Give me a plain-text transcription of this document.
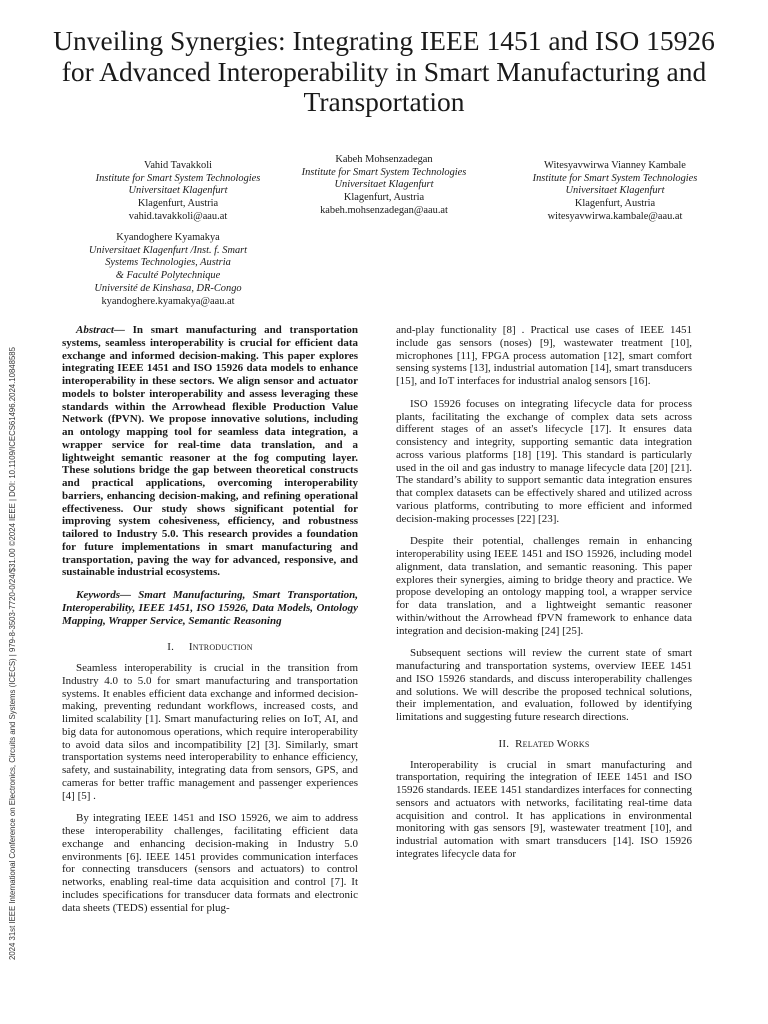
Unveiling Synergies: Integrating IEEE 1451 and ISO 15926 for Advanced Interoperability in Smart Manufacturing and Transportation
2024 31st IEEE International Conference on Electronics, Circuits and Systems (ICECS) | 979-8-3503-7720-0/24/$31.00 ©2024 IEEE | DOI: 10.1109/ICECS61496.2024.10848585
Vahid Tavakkoli
Institute for Smart System Technologies
Universitaet Klagenfurt
Klagenfurt, Austria
vahid.tavakkoli@aau.at
Kabeh Mohsenzadegan
Institute for Smart System Technologies
Universitaet Klagenfurt
Klagenfurt, Austria
kabeh.mohsenzadegan@aau.at
Witesyavwirwa Vianney Kambale
Institute for Smart System Technologies
Universitaet Klagenfurt
Klagenfurt, Austria
witesyavwirwa.kambale@aau.at
Kyandoghere Kyamakya
Universitaet Klagenfurt /Inst. f. Smart
Systems Technologies, Austria
& Faculté Polytechnique
Université de Kinshasa, DR-Congo
kyandoghere.kyamakya@aau.at

Abstract— In smart manufacturing and transportation systems, seamless interoperability is crucial for efficient data exchange and informed decision-making. This paper explores integrating IEEE 1451 and ISO 15926 data models to enhance interoperability in these sectors. We align sensor and actuator models to bolster interoperability and assess leveraging these standards within the Arrowhead flexible Production Value Network (fPVN). We propose innovative solutions, including an ontology mapping tool for seamless data integration, a wrapper service for real-time data translation, and a lightweight semantic reasoner at the fog computing layer. These solutions bridge the gap between theoretical constructs and practical applications, overcoming interoperability barriers, enhancing decision-making, and refining operational effectiveness. Our study shows significant potential for improving system cohesiveness, efficiency, and robustness tailored to Industry 5.0. This research provides a foundation for future implementations in smart manufacturing and transportation, paving the way for advanced, responsive, and sustainable industrial ecosystems.

Keywords— Smart Manufacturing, Smart Transportation, Interoperability, IEEE 1451, ISO 15926, Data Models, Ontology Mapping, Wrapper Service, Semantic Reasoning

I. Introduction

Seamless interoperability is crucial in the transition from Industry 4.0 to 5.0 for smart manufacturing and transportation systems. It enables efficient data exchange and informed decision-making, preventing redundant workflows, increased costs, and limited scalability [1]. Smart manufacturing relies on IoT, AI, and big data for autonomous operations, which require interoperability to avoid data silos and incompatibility [2] [3]. Similarly, smart transportation systems need interoperability to enhance efficiency, safety, and sustainability, integrating data from sensors, GPS, and cameras for better traffic management and passenger experiences [4] [5] .

By integrating IEEE 1451 and ISO 15926, we aim to address these interoperability challenges, facilitating efficient data exchange and enhancing decision-making in Industry 5.0 environments [6]. IEEE 1451 provides communication interfaces for connecting transducers (sensors and actuators) to control networks, enabling real-time data acquisition and control [7]. It includes specifications for transducer data formats and electronic data sheets (TEDS) essential for plug-

and-play functionality [8] . Practical use cases of IEEE 1451 include gas sensors (noses) [9], wastewater treatment [10], microphones [11], FPGA process automation [12], smart comfort sensing systems [13], industrial automation [14], smart transducers [15], and IoT interfaces for industrial analog sensors [16].

ISO 15926 focuses on integrating lifecycle data for process plants, facilitating the exchange of complex data sets across different stages of an asset's lifecycle [17]. It ensures data consistency and integrity, supporting semantic data integration across various platforms [18] [19]. This standard is particularly used in the oil and gas industry to manage lifecycle data [20] [21]. The standard’s ability to support semantic data integration ensures that complex datasets can be effectively shared and utilized across various platforms, contributing to more efficient and informed decision-making processes [22] [23].

Despite their potential, challenges remain in enhancing interoperability using IEEE 1451 and ISO 15926, including model alignment, data translation, and semantic reasoning. This paper explores their synergies, aiming to bridge theory and practice. We propose developing an ontology mapping tool, a wrapper service for data translation, and a lightweight semantic reasoner within/without the Arrowhead fPVN framework to enhance data integration and decision-making [24] [25].

Subsequent sections will review the current state of smart manufacturing and transportation systems, overview IEEE 1451 and ISO 15926 standards, and discuss interoperability challenges and solutions. We will describe the proposed technical solutions, their implementation, and evaluation, followed by identifying limitations and suggesting future research directions.

II. Related Works

Interoperability is crucial in smart manufacturing and transportation, requiring the integration of IEEE 1451 and ISO 15926 standards. IEEE 1451 standardizes interfaces for connecting sensors and actuators with networks, facilitating real-time data acquisition and control. It has applications in environmental monitoring with gas sensors [9], wastewater treatment [10], and industrial automation with smart transducers [14]. ISO 15926 integrates lifecycle data for
